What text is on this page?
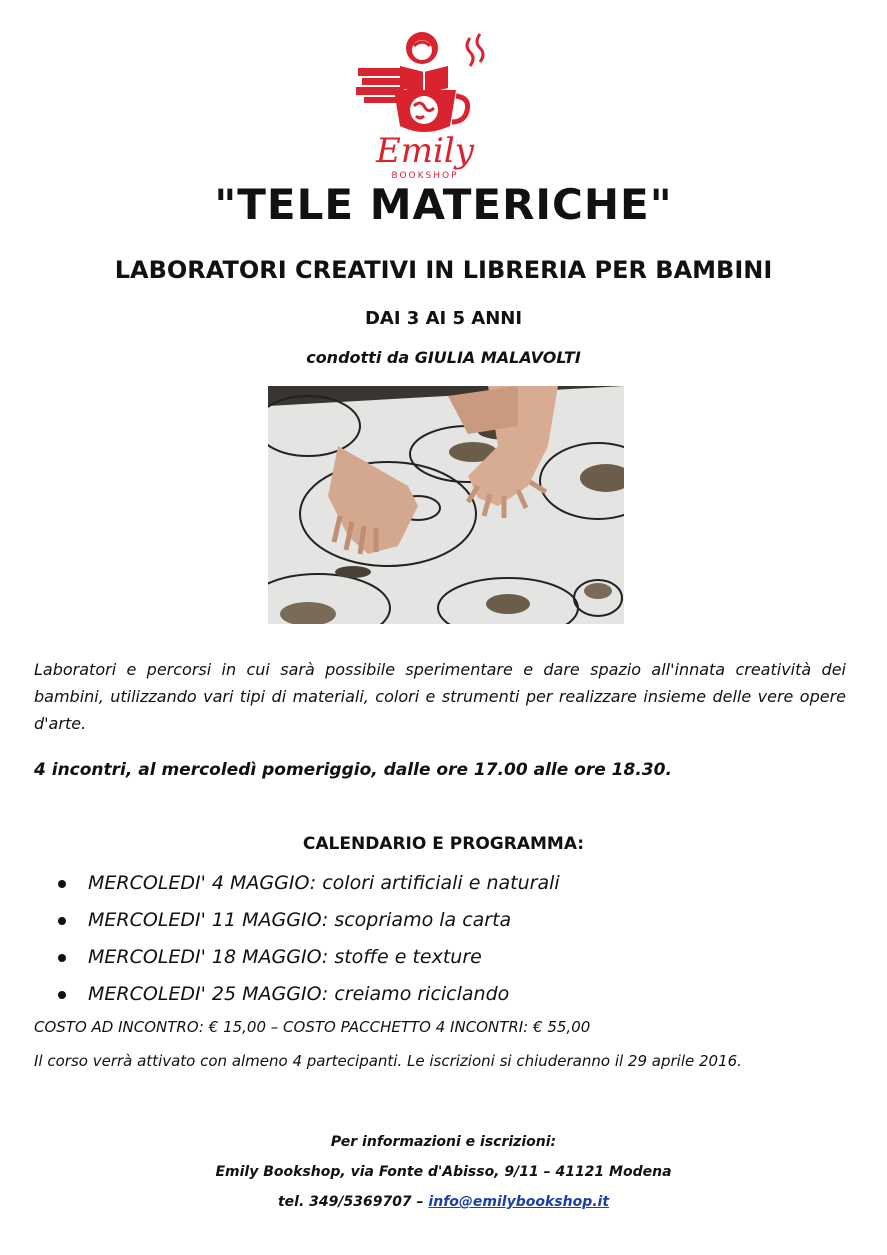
Emily
BOOKSHOP
"TELE MATERICHE"
LABORATORI CREATIVI IN LIBRERIA PER BAMBINI
DAI 3 AI 5 ANNI
condotti da GIULIA MALAVOLTI
Laboratori e percorsi in cui sarà possibile sperimentare e dare spazio all'innata creatività dei bambini, utilizzando vari tipi di materiali, colori e strumenti per realizzare insieme delle vere opere d'arte.
4 incontri, al mercoledì pomeriggio, dalle ore 17.00 alle ore 18.30.
CALENDARIO E PROGRAMMA:
MERCOLEDI' 4 MAGGIO: colori artificiali e naturali
MERCOLEDI' 11 MAGGIO: scopriamo la carta
MERCOLEDI' 18 MAGGIO: stoffe e texture
MERCOLEDI' 25 MAGGIO: creiamo riciclando
COSTO AD INCONTRO: € 15,00 – COSTO PACCHETTO 4 INCONTRI: € 55,00
Il corso verrà attivato con almeno 4 partecipanti. Le iscrizioni si chiuderanno il 29 aprile 2016.
Per informazioni e iscrizioni:
Emily Bookshop, via Fonte d'Abisso, 9/11 – 41121 Modena
tel. 349/5369707 – info@emilybookshop.it
